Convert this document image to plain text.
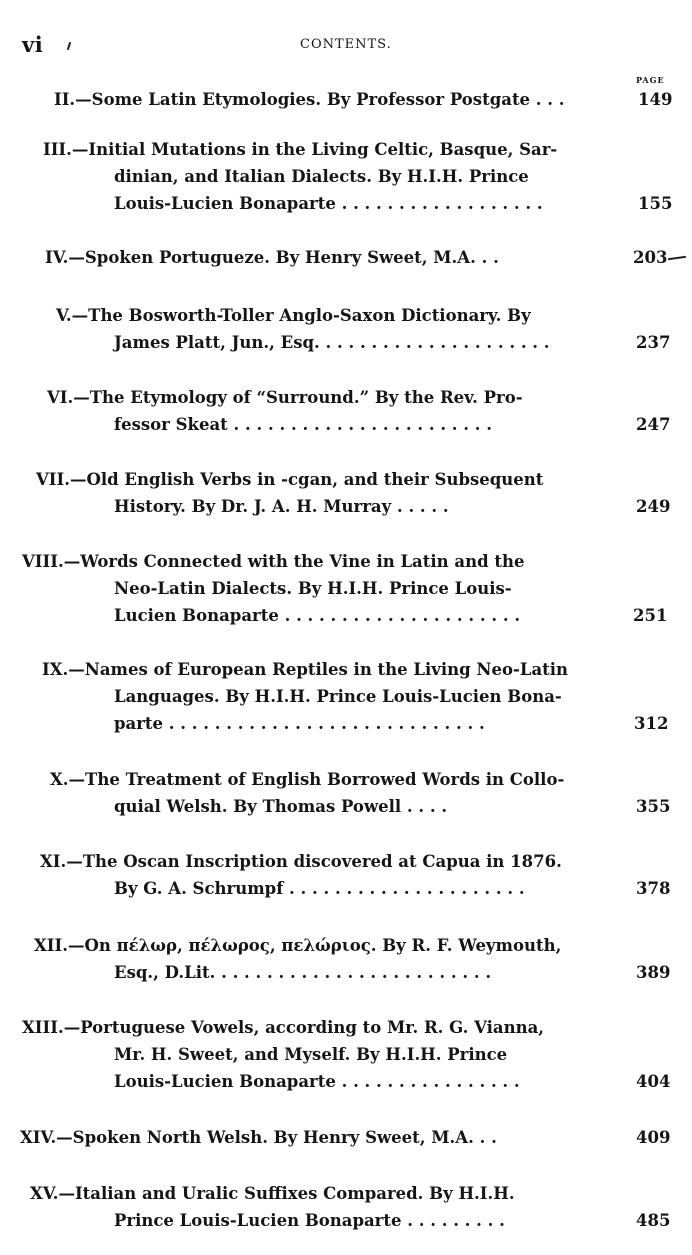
vi	CONTENTS.
PAGE
II.—Some Latin Etymologies. By Professor Postgate . . .	149
III.—Initial Mutations in the Living Celtic, Basque, Sar-
dinian, and Italian Dialects. By H.I.H. Prince
Louis-Lucien Bonaparte . . . . . . . . . . . . . . . . . .	155
IV.—Spoken Portugueze. By Henry Sweet, M.A. . .	203
V.—The Bosworth-Toller Anglo-Saxon Dictionary. By
James Platt, Jun., Esq. . . . . . . . . . . . . . . . . . . . .	237
VI.—The Etymology of “Surround.” By the Rev. Pro-
fessor Skeat . . . . . . . . . . . . . . . . . . . . . . .	247
VII.—Old English Verbs in -cgan, and their Subsequent
History. By Dr. J. A. H. Murray . . . . .	249
VIII.—Words Connected with the Vine in Latin and the
Neo-Latin Dialects. By H.I.H. Prince Louis-
Lucien Bonaparte . . . . . . . . . . . . . . . . . . . . .	251
IX.—Names of European Reptiles in the Living Neo-Latin
Languages. By H.I.H. Prince Louis-Lucien Bona-
parte . . . . . . . . . . . . . . . . . . . . . . . . . . . .	312
X.—The Treatment of English Borrowed Words in Collo-
quial Welsh. By Thomas Powell . . . .	355
XI.—The Oscan Inscription discovered at Capua in 1876.
By G. A. Schrumpf . . . . . . . . . . . . . . . . . . . . .	378
XII.—On πέλωρ, πέλωρος, πελώριος. By R. F. Weymouth,
Esq., D.Lit. . . . . . . . . . . . . . . . . . . . . . . . .	389
XIII.—Portuguese Vowels, according to Mr. R. G. Vianna,
Mr. H. Sweet, and Myself. By H.I.H. Prince
Louis-Lucien Bonaparte . . . . . . . . . . . . . . . .	404
XIV.—Spoken North Welsh. By Henry Sweet, M.A. . .	409
XV.—Italian and Uralic Suffixes Compared. By H.I.H.
Prince Louis-Lucien Bonaparte . . . . . . . . .	485
